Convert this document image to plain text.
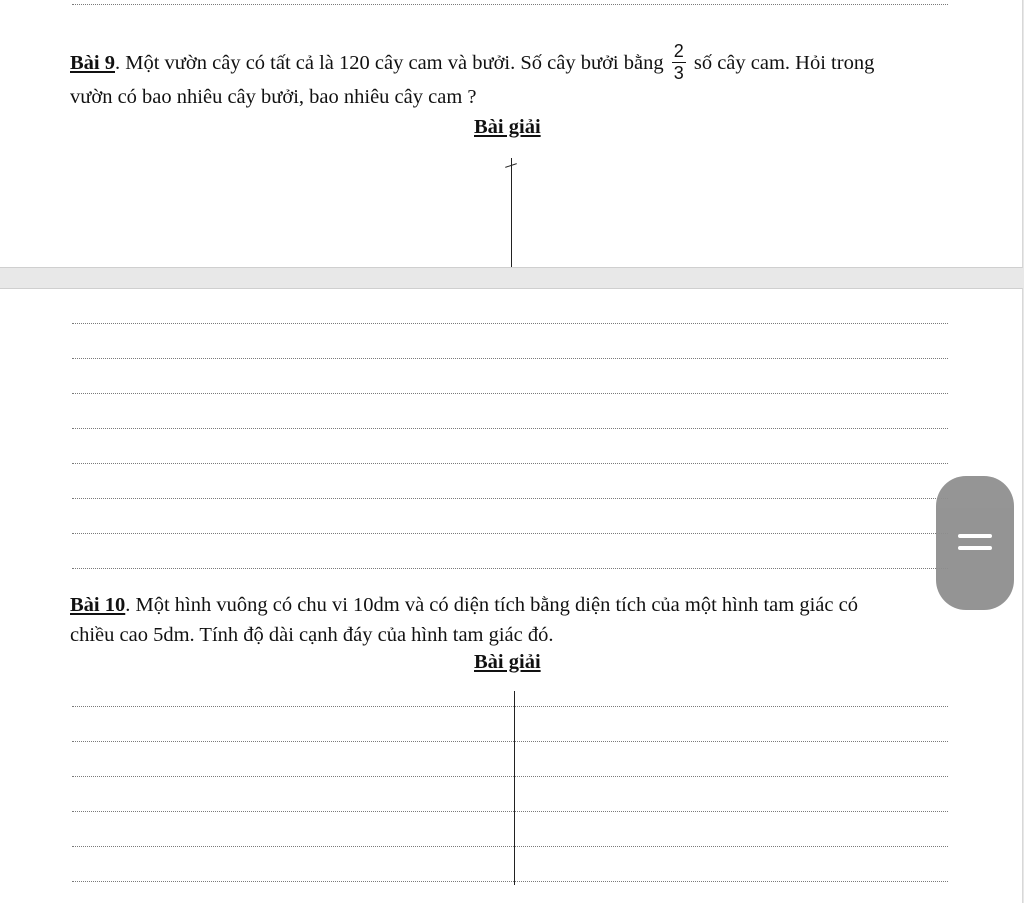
Bài 9. Một vườn cây có tất cả là 120 cây cam và bưởi. Số cây bưởi bằng $\frac{2}{3}$ số cây cam. Hỏi trong
vườn có bao nhiêu cây bưởi, bao nhiêu cây cam ?
Bài giải
Bài 10. Một hình vuông có chu vi 10dm và có diện tích bằng diện tích của một hình tam giác có
chiều cao 5dm. Tính độ dài cạnh đáy của hình tam giác đó.
Bài giải
